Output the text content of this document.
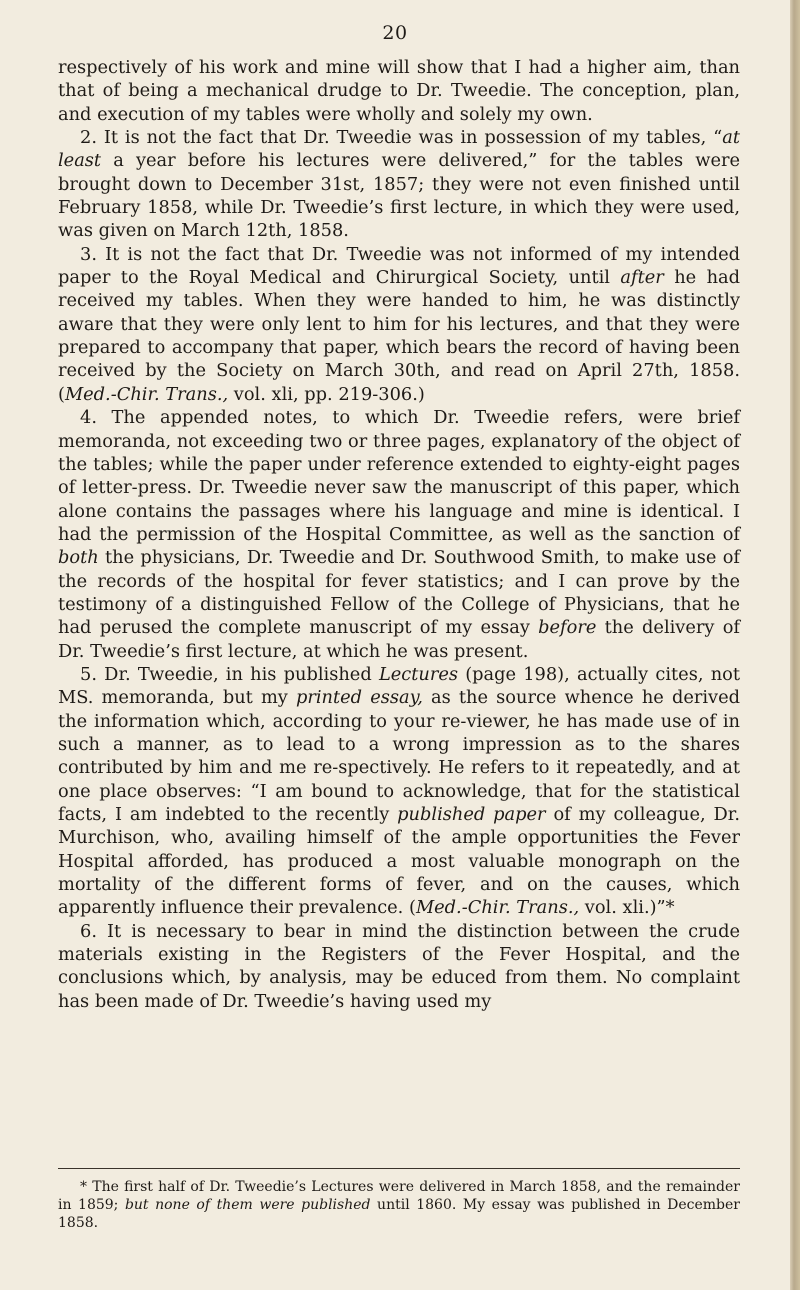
20

respectively of his work and mine will show that I had a higher aim, than that of being a mechanical drudge to Dr. Tweedie. The conception, plan, and execution of my tables were wholly and solely my own.

2. It is not the fact that Dr. Tweedie was in possession of my tables, “at least a year before his lectures were delivered,” for the tables were brought down to December 31st, 1857; they were not even finished until February 1858, while Dr. Tweedie’s first lecture, in which they were used, was given on March 12th, 1858.

3. It is not the fact that Dr. Tweedie was not informed of my intended paper to the Royal Medical and Chirurgical Society, until after he had received my tables. When they were handed to him, he was distinctly aware that they were only lent to him for his lectures, and that they were prepared to accompany that paper, which bears the record of having been received by the Society on March 30th, and read on April 27th, 1858. (Med.-Chir. Trans., vol. xli, pp. 219-306.)

4. The appended notes, to which Dr. Tweedie refers, were brief memoranda, not exceeding two or three pages, explanatory of the object of the tables; while the paper under reference extended to eighty-eight pages of letter-press. Dr. Tweedie never saw the manuscript of this paper, which alone contains the passages where his language and mine is identical. I had the permission of the Hospital Committee, as well as the sanction of both the physicians, Dr. Tweedie and Dr. Southwood Smith, to make use of the records of the hospital for fever statistics; and I can prove by the testimony of a distinguished Fellow of the College of Physicians, that he had perused the complete manuscript of my essay before the delivery of Dr. Tweedie’s first lecture, at which he was present.

5. Dr. Tweedie, in his published Lectures (page 198), actually cites, not MS. memoranda, but my printed essay, as the source whence he derived the information which, according to your re-viewer, he has made use of in such a manner, as to lead to a wrong impression as to the shares contributed by him and me re-spectively. He refers to it repeatedly, and at one place observes: “I am bound to acknowledge, that for the statistical facts, I am indebted to the recently published paper of my colleague, Dr. Murchison, who, availing himself of the ample opportunities the Fever Hospital afforded, has produced a most valuable monograph on the mortality of the different forms of fever, and on the causes, which apparently influence their prevalence. (Med.-Chir. Trans., vol. xli.)”*

6. It is necessary to bear in mind the distinction between the crude materials existing in the Registers of the Fever Hospital, and the conclusions which, by analysis, may be educed from them. No complaint has been made of Dr. Tweedie’s having used my

* The first half of Dr. Tweedie’s Lectures were delivered in March 1858, and the remainder in 1859; but none of them were published until 1860. My essay was published in December 1858.
